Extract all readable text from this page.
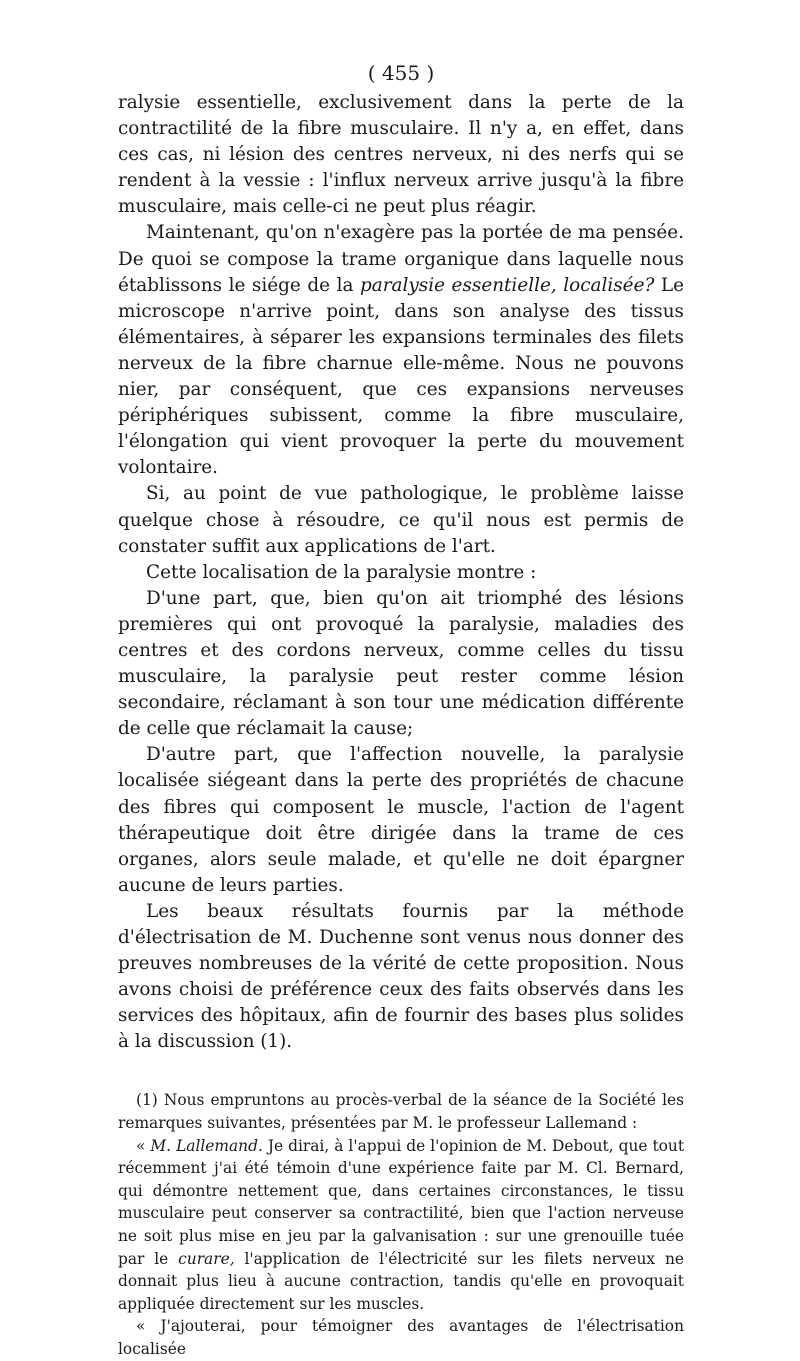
( 455 )

ralysie essentielle, exclusivement dans la perte de la contractilité de la fibre musculaire. Il n'y a, en effet, dans ces cas, ni lésion des centres nerveux, ni des nerfs qui se rendent à la vessie : l'influx nerveux arrive jusqu'à la fibre musculaire, mais celle-ci ne peut plus réagir.

Maintenant, qu'on n'exagère pas la portée de ma pensée. De quoi se compose la trame organique dans laquelle nous établissons le siége de la paralysie essentielle, localisée? Le microscope n'arrive point, dans son analyse des tissus élémentaires, à séparer les expansions terminales des filets nerveux de la fibre charnue elle-même. Nous ne pouvons nier, par conséquent, que ces expansions nerveuses périphériques subissent, comme la fibre musculaire, l'élongation qui vient provoquer la perte du mouvement volontaire.

Si, au point de vue pathologique, le problème laisse quelque chose à résoudre, ce qu'il nous est permis de constater suffit aux applications de l'art.

Cette localisation de la paralysie montre :

D'une part, que, bien qu'on ait triomphé des lésions premières qui ont provoqué la paralysie, maladies des centres et des cordons nerveux, comme celles du tissu musculaire, la paralysie peut rester comme lésion secondaire, réclamant à son tour une médication différente de celle que réclamait la cause;

D'autre part, que l'affection nouvelle, la paralysie localisée siégeant dans la perte des propriétés de chacune des fibres qui composent le muscle, l'action de l'agent thérapeutique doit être dirigée dans la trame de ces organes, alors seule malade, et qu'elle ne doit épargner aucune de leurs parties.

Les beaux résultats fournis par la méthode d'électrisation de M. Duchenne sont venus nous donner des preuves nombreuses de la vérité de cette proposition. Nous avons choisi de préférence ceux des faits observés dans les services des hôpitaux, afin de fournir des bases plus solides à la discussion (1).

(1) Nous empruntons au procès-verbal de la séance de la Société les remarques suivantes, présentées par M. le professeur Lallemand :

« M. Lallemand. Je dirai, à l'appui de l'opinion de M. Debout, que tout récemment j'ai été témoin d'une expérience faite par M. Cl. Bernard, qui démontre nettement que, dans certaines circonstances, le tissu musculaire peut conserver sa contractilité, bien que l'action nerveuse ne soit plus mise en jeu par la galvanisation : sur une grenouille tuée par le curare, l'application de l'électricité sur les filets nerveux ne donnait plus lieu à aucune contraction, tandis qu'elle en provoquait appliquée directement sur les muscles.

« J'ajouterai, pour témoigner des avantages de l'électrisation localisée
